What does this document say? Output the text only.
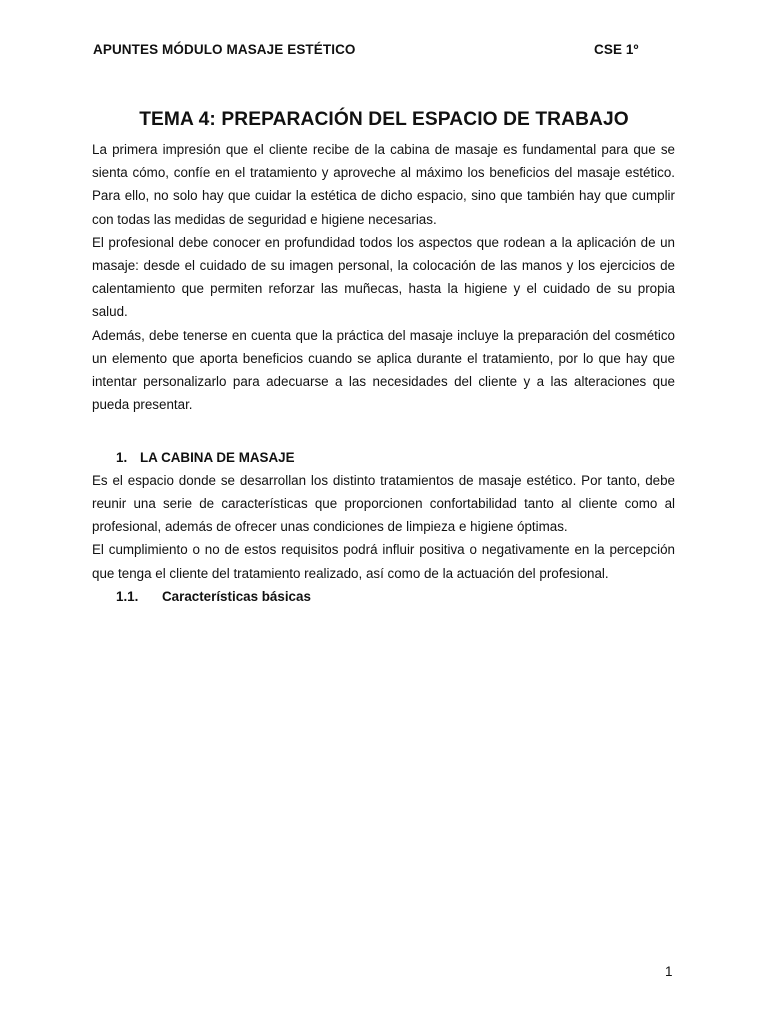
APUNTES MÓDULO MASAJE ESTÉTICO	CSE 1º
TEMA 4: PREPARACIÓN DEL ESPACIO DE TRABAJO

La primera impresión que el cliente recibe de la cabina de masaje es fundamental para que se sienta cómo, confíe en el tratamiento y aproveche al máximo los beneficios del masaje estético. Para ello, no solo hay que cuidar la estética de dicho espacio, sino que también hay que cumplir con todas las medidas de seguridad e higiene necesarias.

El profesional debe conocer en profundidad todos los aspectos que rodean a la aplicación de un masaje: desde el cuidado de su imagen personal, la colocación de las manos y los ejercicios de calentamiento que permiten reforzar las muñecas, hasta la higiene y el cuidado de su propia salud.

Además, debe tenerse en cuenta que la práctica del masaje incluye la preparación del cosmético un elemento que aporta beneficios cuando se aplica durante el tratamiento, por lo que hay que intentar personalizarlo para adecuarse a las necesidades del cliente y a las alteraciones que pueda presentar.

1. LA CABINA DE MASAJE

Es el espacio donde se desarrollan los distinto tratamientos de masaje estético. Por tanto, debe reunir una serie de características que proporcionen confortabilidad tanto al cliente como al profesional, además de ofrecer unas condiciones de limpieza e higiene óptimas.

El cumplimiento o no de estos requisitos podrá influir positiva o negativamente en la percepción que tenga el cliente del tratamiento realizado, así como de la actuación del profesional.

1.1. Características básicas

1
